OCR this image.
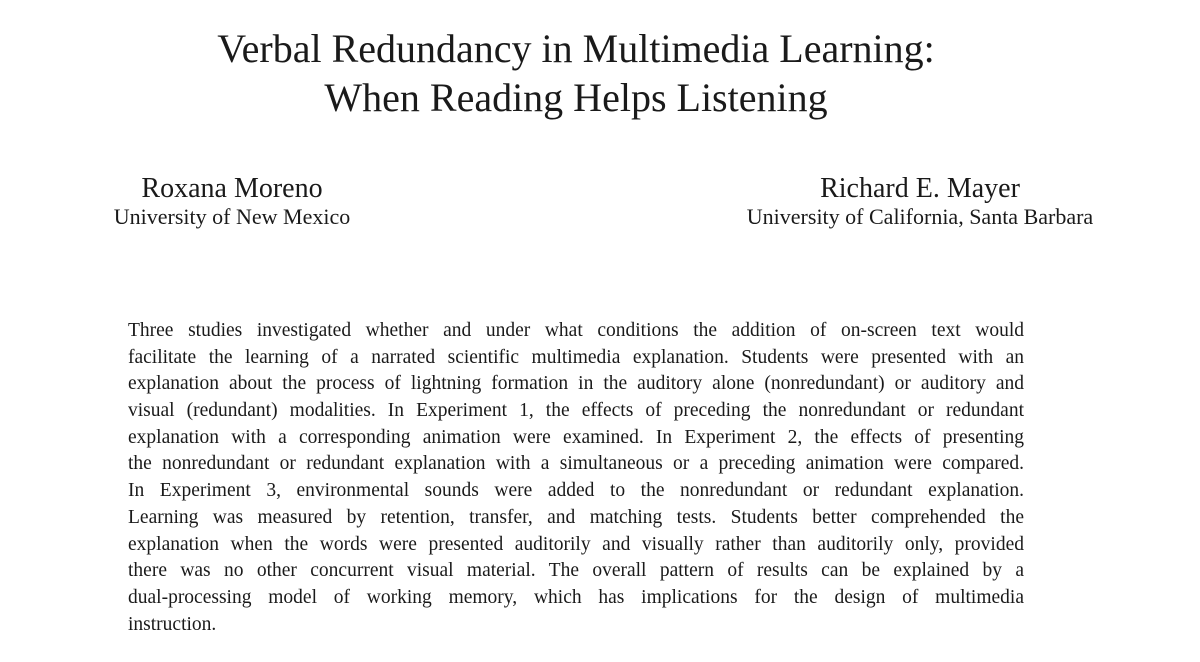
Verbal Redundancy in Multimedia Learning:
When Reading Helps Listening
Roxana Moreno
University of New Mexico
Richard E. Mayer
University of California, Santa Barbara
Three studies investigated whether and under what conditions the addition of on-screen text would
facilitate the learning of a narrated scientific multimedia explanation. Students were presented with an
explanation about the process of lightning formation in the auditory alone (nonredundant) or auditory and
visual (redundant) modalities. In Experiment 1, the effects of preceding the nonredundant or redundant
explanation with a corresponding animation were examined. In Experiment 2, the effects of presenting
the nonredundant or redundant explanation with a simultaneous or a preceding animation were compared.
In Experiment 3, environmental sounds were added to the nonredundant or redundant explanation.
Learning was measured by retention, transfer, and matching tests. Students better comprehended the
explanation when the words were presented auditorily and visually rather than auditorily only, provided
there was no other concurrent visual material. The overall pattern of results can be explained by a
dual-processing model of working memory, which has implications for the design of multimedia
instruction.
